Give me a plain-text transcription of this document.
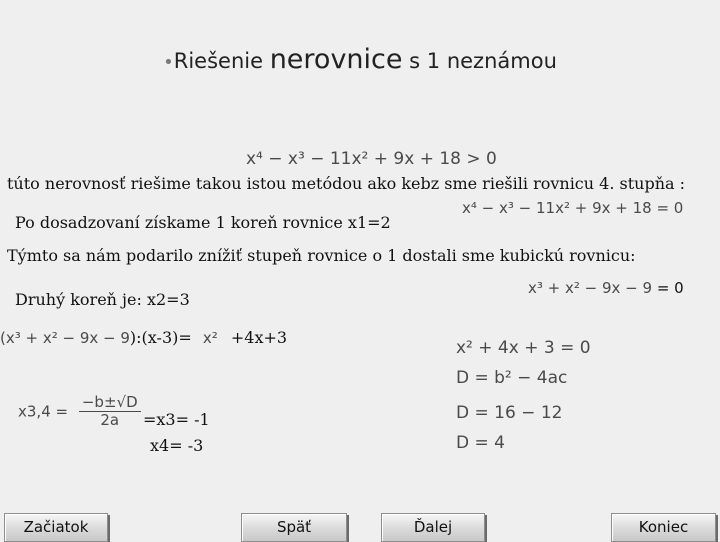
•Riešenie nerovnice s 1 neznámou
x⁴ − x³ − 11x² + 9x + 18 > 0
túto nerovnosť riešime takou istou metódou ako kebz sme riešili rovnicu 4. stupňa :
Po dosadzovaní získame 1 koreň rovnice x1=2
x⁴ − x³ − 11x² + 9x + 18 = 0
Týmto sa nám podarilo znížiť stupeň rovnice o 1 dostali sme kubickú rovnicu:
x³ + x² − 9x − 9 = 0
Druhý koreň je: x2=3
(x³ + x² − 9x − 9):(x-3)= x² +4x+3
x² + 4x + 3 = 0
D = b² − 4ac
D = 16 − 12
D = 4
$x3,4 = \frac{-b\pm√D}{2a} =x3= -1$
x4= -3
Začiatok	Späť	Ďalej	Koniec
